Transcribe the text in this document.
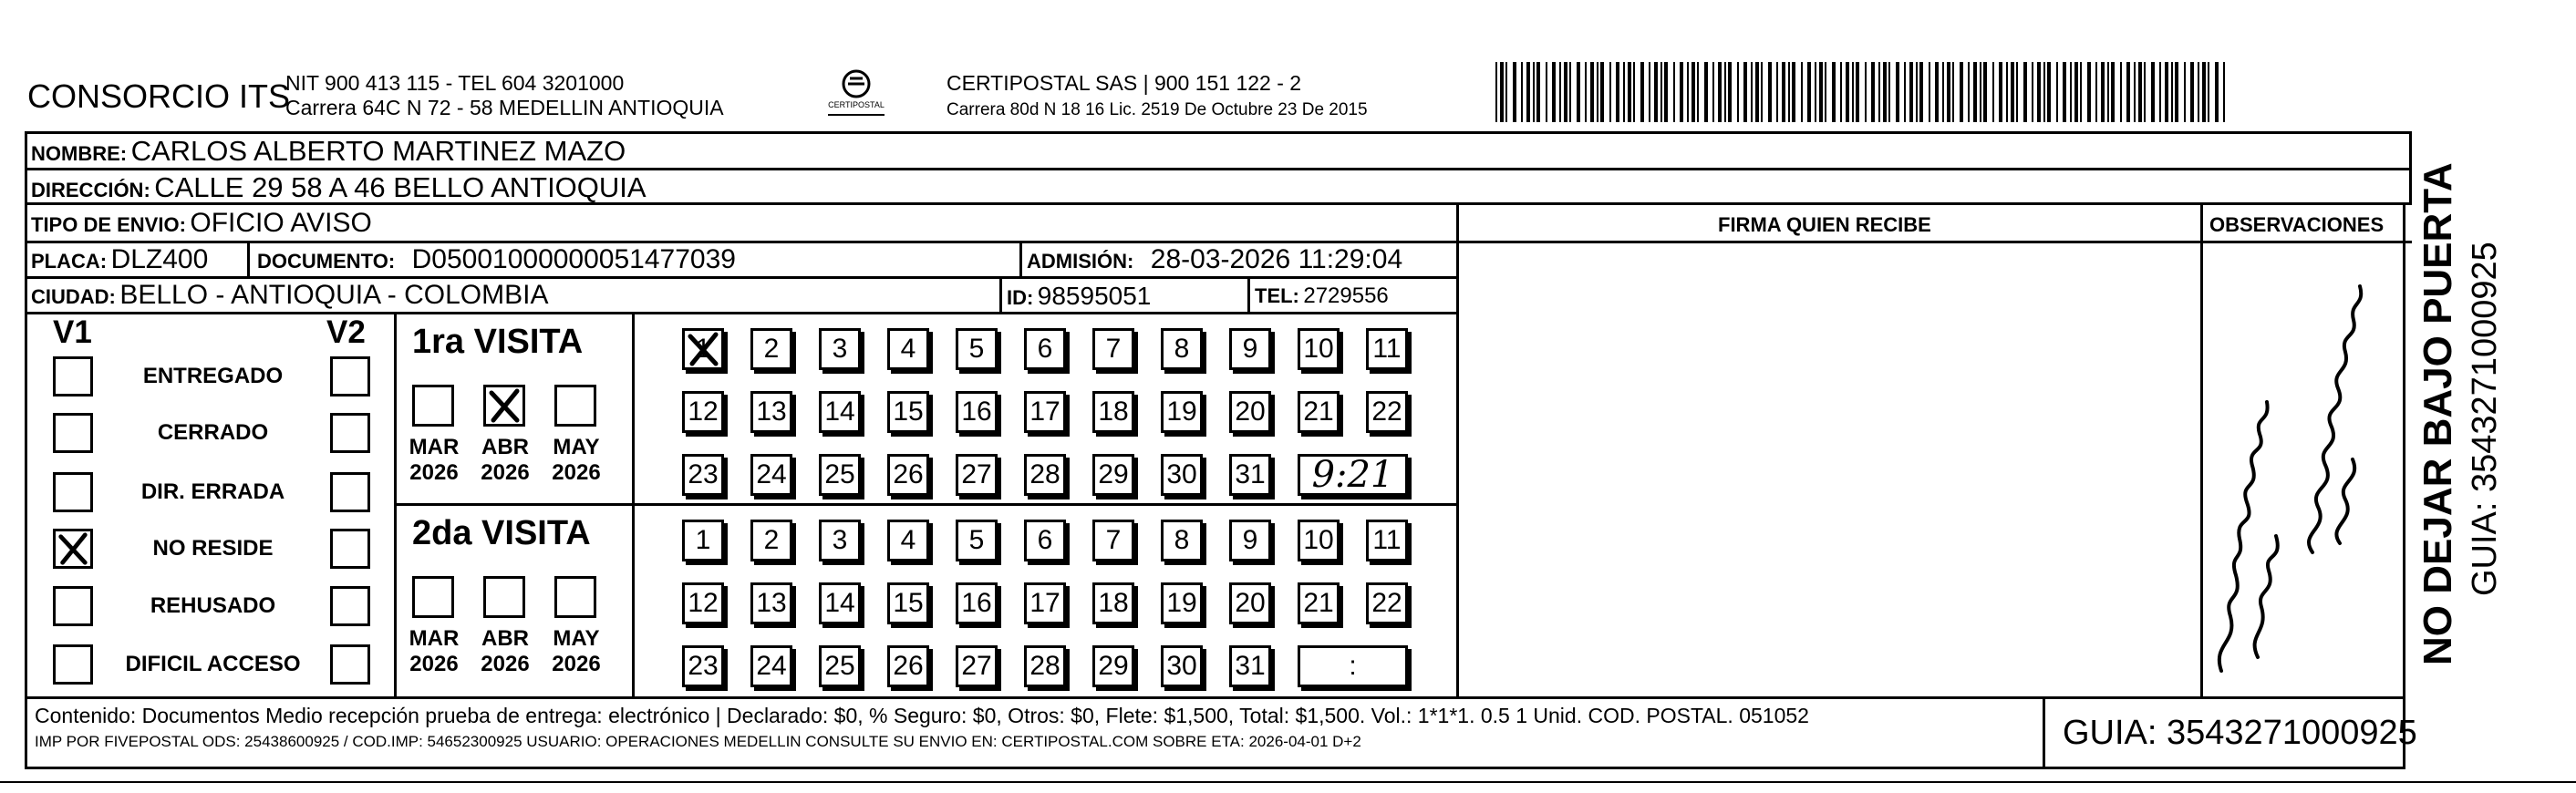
CONSORCIO ITS
NIT 900 413 115 - TEL 604 3201000
Carrera 64C N 72 - 58 MEDELLIN ANTIOQUIA	CERTIPOSTAL
CERTIPOSTAL SAS | 900 151 122 - 2
Carrera 80d N 18 16 Lic. 2519 De Octubre 23 De 2015
NOMBRE: CARLOS ALBERTO MARTINEZ MAZO
DIRECCIÓN: CALLE 29 58 A 46 BELLO ANTIOQUIA
TIPO DE ENVIO: OFICIO AVISO	FIRMA QUIEN RECIBE	OBSERVACIONES
PLACA: DLZ400 DOCUMENTO: D05001000000051477039	ADMISIÓN: 28-03-2026 11:29:04
CIUDAD: BELLO - ANTIOQUIA - COLOMBIA	ID: 98595051	TEL: 2729556
V1	V2
ENTREGADO
CERRADO
DIR. ERRADA
NO RESIDE
REHUSADO
DIFICIL ACCESO
1ra VISITA
MAR
2026
ABR
2026
MAY
2026
1 2 3 4 5 6 7 8 9 10 11
12 13 14 15 16 17 18 19 20 21 22
23 24 25 26 27 28 29 30 31 9:21
2da VISITA
MAR
2026
ABR
2026
MAY
2026
1 2 3 4 5 6 7 8 9 10 11
12 13 14 15 16 17 18 19 20 21 22
23 24 25 26 27 28 29 30 31	:
NO DEJAR BAJO PUERTA GUIA: 3543271000925
Contenido: Documentos Medio recepción prueba de entrega: electrónico | Declarado: $0, % Seguro: $0, Otros: $0, Flete: $1,500, Total: $1,500. Vol.: 1*1*1. 0.5 1 Unid. COD. POSTAL. 051052
IMP POR FIVEPOSTAL ODS: 25438600925 / COD.IMP: 54652300925 USUARIO: OPERACIONES MEDELLIN CONSULTE SU ENVIO EN: CERTIPOSTAL.COM SOBRE ETA: 2026-04-01 D+2	GUIA: 3543271000925
